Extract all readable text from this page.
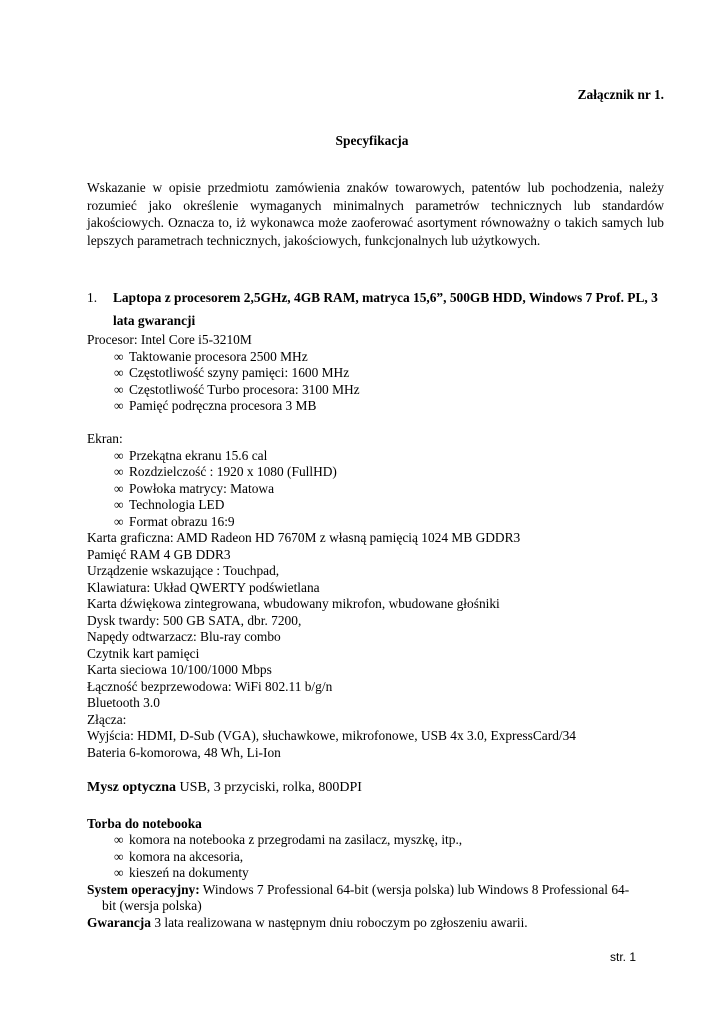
Załącznik nr 1.
Specyfikacja
Wskazanie w opisie przedmiotu zamówienia znaków towarowych, patentów lub pochodzenia, należy rozumieć jako określenie wymaganych minimalnych parametrów technicznych lub standardów jakościowych. Oznacza to, iż wykonawca może zaoferować asortyment równoważny o takich samych lub lepszych parametrach technicznych, jakościowych, funkcjonalnych lub użytkowych.
1. Laptopa z procesorem 2,5GHz, 4GB RAM, matryca 15,6”, 500GB HDD, Windows 7 Prof. PL, 3
lata gwarancji
Procesor: Intel Core i5-3210M
∞ Taktowanie procesora 2500 MHz
∞ Częstotliwość szyny pamięci: 1600 MHz
∞ Częstotliwość Turbo procesora: 3100 MHz
∞ Pamięć podręczna procesora 3 MB
Ekran:
∞ Przekątna ekranu 15.6 cal
∞ Rozdzielczość : 1920 x 1080 (FullHD)
∞ Powłoka matrycy: Matowa
∞ Technologia LED
∞ Format obrazu 16:9
Karta graficzna: AMD Radeon HD 7670M z własną pamięcią 1024 MB GDDR3
Pamięć RAM 4 GB DDR3
Urządzenie wskazujące : Touchpad,
Klawiatura: Układ QWERTY podświetlana
Karta dźwiękowa zintegrowana, wbudowany mikrofon, wbudowane głośniki
Dysk twardy: 500 GB SATA, dbr. 7200,
Napędy odtwarzacz: Blu-ray combo
Czytnik kart pamięci
Karta sieciowa 10/100/1000 Mbps
Łączność bezprzewodowa: WiFi 802.11 b/g/n
Bluetooth 3.0
Złącza:
Wyjścia: HDMI, D-Sub (VGA), słuchawkowe, mikrofonowe, USB 4x 3.0, ExpressCard/34
Bateria 6-komorowa, 48 Wh, Li-Ion
Mysz optyczna USB, 3 przyciski, rolka, 800DPI
Torba do notebooka
∞ komora na notebooka z przegrodami na zasilacz, myszkę, itp.,
∞ komora na akcesoria,
∞ kieszeń na dokumenty
System operacyjny: Windows 7 Professional 64-bit (wersja polska) lub Windows 8 Professional 64-
bit (wersja polska)
Gwarancja 3 lata realizowana w następnym dniu roboczym po zgłoszeniu awarii.
str. 1
